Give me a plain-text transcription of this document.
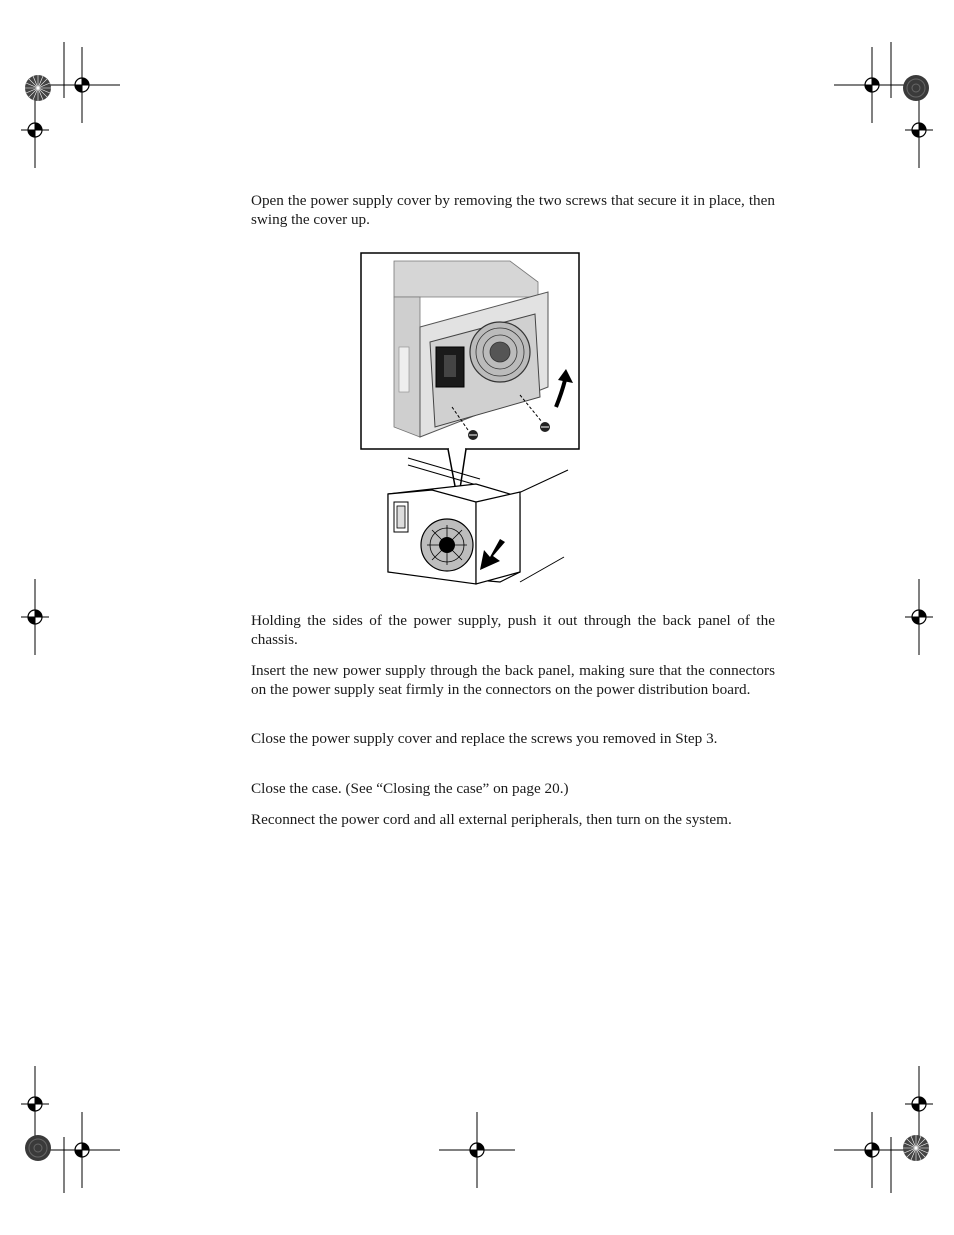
Open the power supply cover by removing the two screws that secure it in place, then swing the cover up.

Holding the sides of the power supply, push it out through the back panel of the chassis.

Insert the new power supply through the back panel, making sure that the connectors on the power supply seat firmly in the connectors on the power distribution board.

Close the power supply cover and replace the screws you removed in Step 3.

Close the case. (See “Closing the case” on page 20.)

Reconnect the power cord and all external peripherals, then turn on the system.
